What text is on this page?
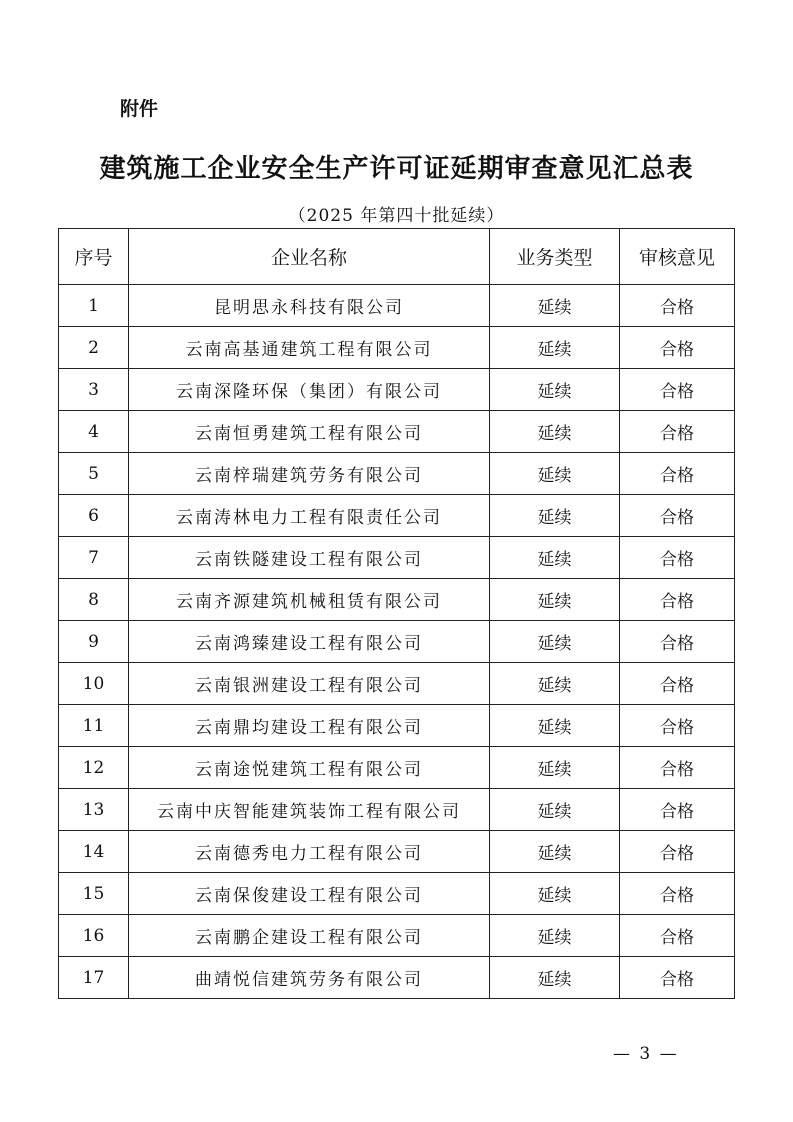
附件
建筑施工企业安全生产许可证延期审查意见汇总表
（2025 年第四十批延续）
序号	企业名称	业务类型	审核意见
1	昆明思永科技有限公司	延续	合格
2	云南高基通建筑工程有限公司	延续	合格
3	云南深隆环保（集团）有限公司	延续	合格
4	云南恒勇建筑工程有限公司	延续	合格
5	云南梓瑞建筑劳务有限公司	延续	合格
6	云南涛林电力工程有限责任公司	延续	合格
7	云南铁隧建设工程有限公司	延续	合格
8	云南齐源建筑机械租赁有限公司	延续	合格
9	云南鸿臻建设工程有限公司	延续	合格
10	云南银洲建设工程有限公司	延续	合格
11	云南鼎均建设工程有限公司	延续	合格
12	云南途悦建筑工程有限公司	延续	合格
13	云南中庆智能建筑装饰工程有限公司	延续	合格
14	云南德秀电力工程有限公司	延续	合格
15	云南保俊建设工程有限公司	延续	合格
16	云南鹏企建设工程有限公司	延续	合格
17	曲靖悦信建筑劳务有限公司	延续	合格
— 3 —
